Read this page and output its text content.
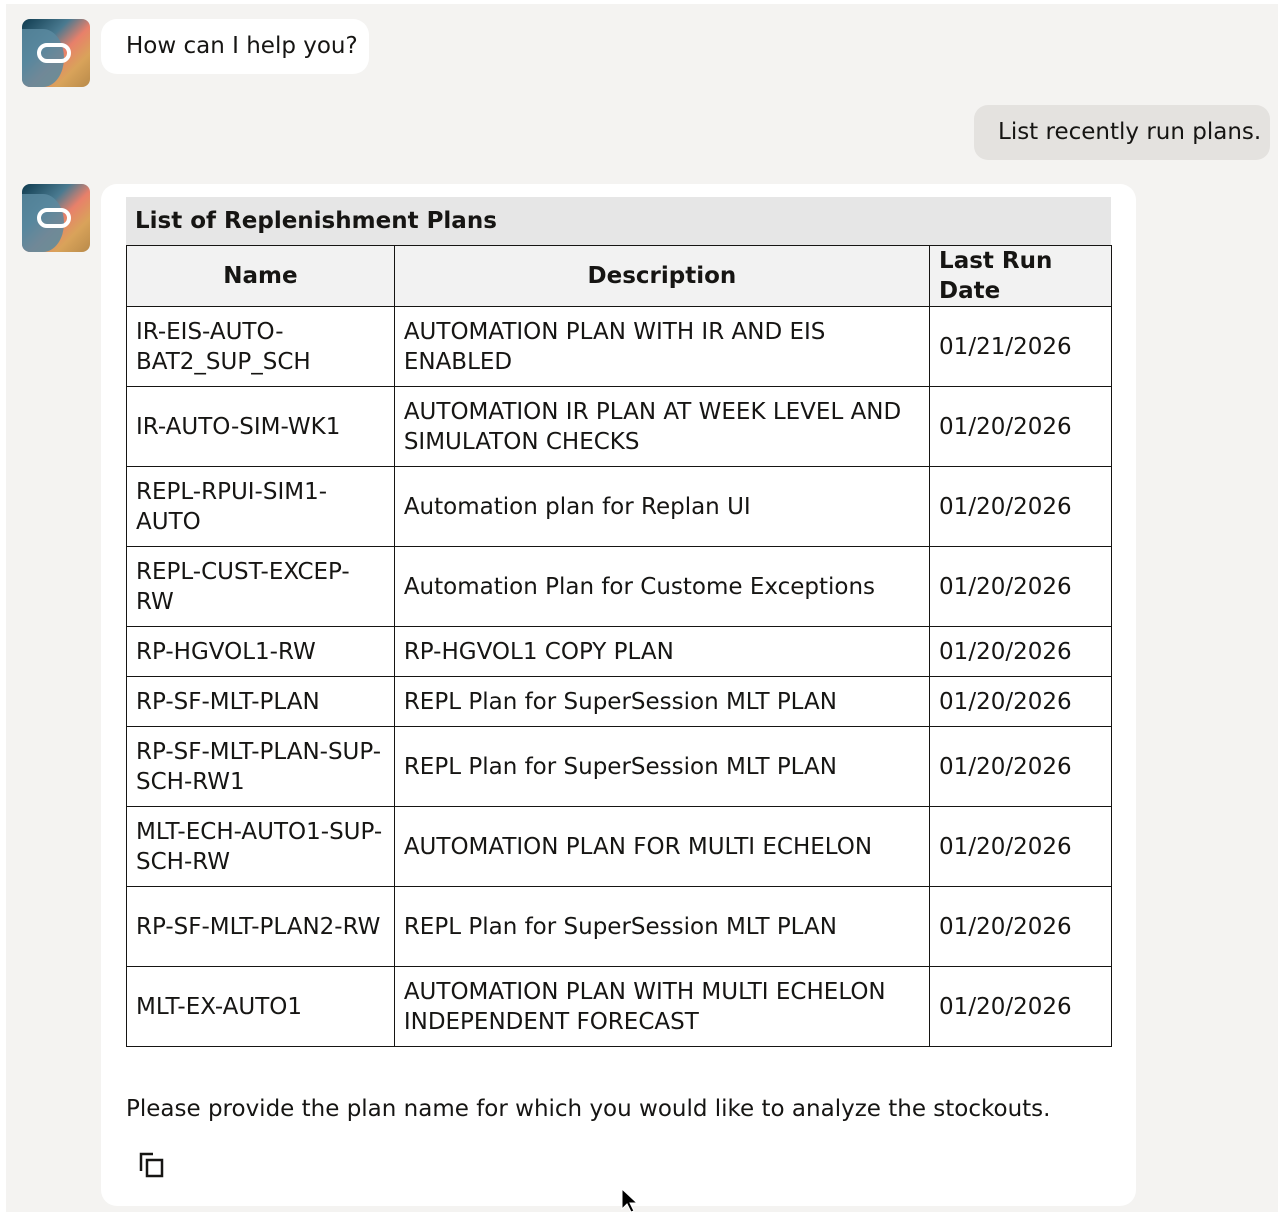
How can I help you?
List recently run plans.
List of Replenishment Plans
Name	Description	Last Run Date
IR-EIS-AUTO-BAT2_SUP_SCH	AUTOMATION PLAN WITH IR AND EIS ENABLED	01/21/2026
IR-AUTO-SIM-WK1	AUTOMATION IR PLAN AT WEEK LEVEL AND SIMULATON CHECKS	01/20/2026
REPL-RPUI-SIM1-AUTO	Automation plan for Replan UI	01/20/2026
REPL-CUST-EXCEP-RW	Automation Plan for Custome Exceptions	01/20/2026
RP-HGVOL1-RW	RP-HGVOL1 COPY PLAN	01/20/2026
RP-SF-MLT-PLAN	REPL Plan for SuperSession MLT PLAN	01/20/2026
RP-SF-MLT-PLAN-SUP-SCH-RW1	REPL Plan for SuperSession MLT PLAN	01/20/2026
MLT-ECH-AUTO1-SUP-SCH-RW	AUTOMATION PLAN FOR MULTI ECHELON	01/20/2026
RP-SF-MLT-PLAN2-RW	REPL Plan for SuperSession MLT PLAN	01/20/2026
MLT-EX-AUTO1	AUTOMATION PLAN WITH MULTI ECHELON INDEPENDENT FORECAST	01/20/2026
Please provide the plan name for which you would like to analyze the stockouts.
